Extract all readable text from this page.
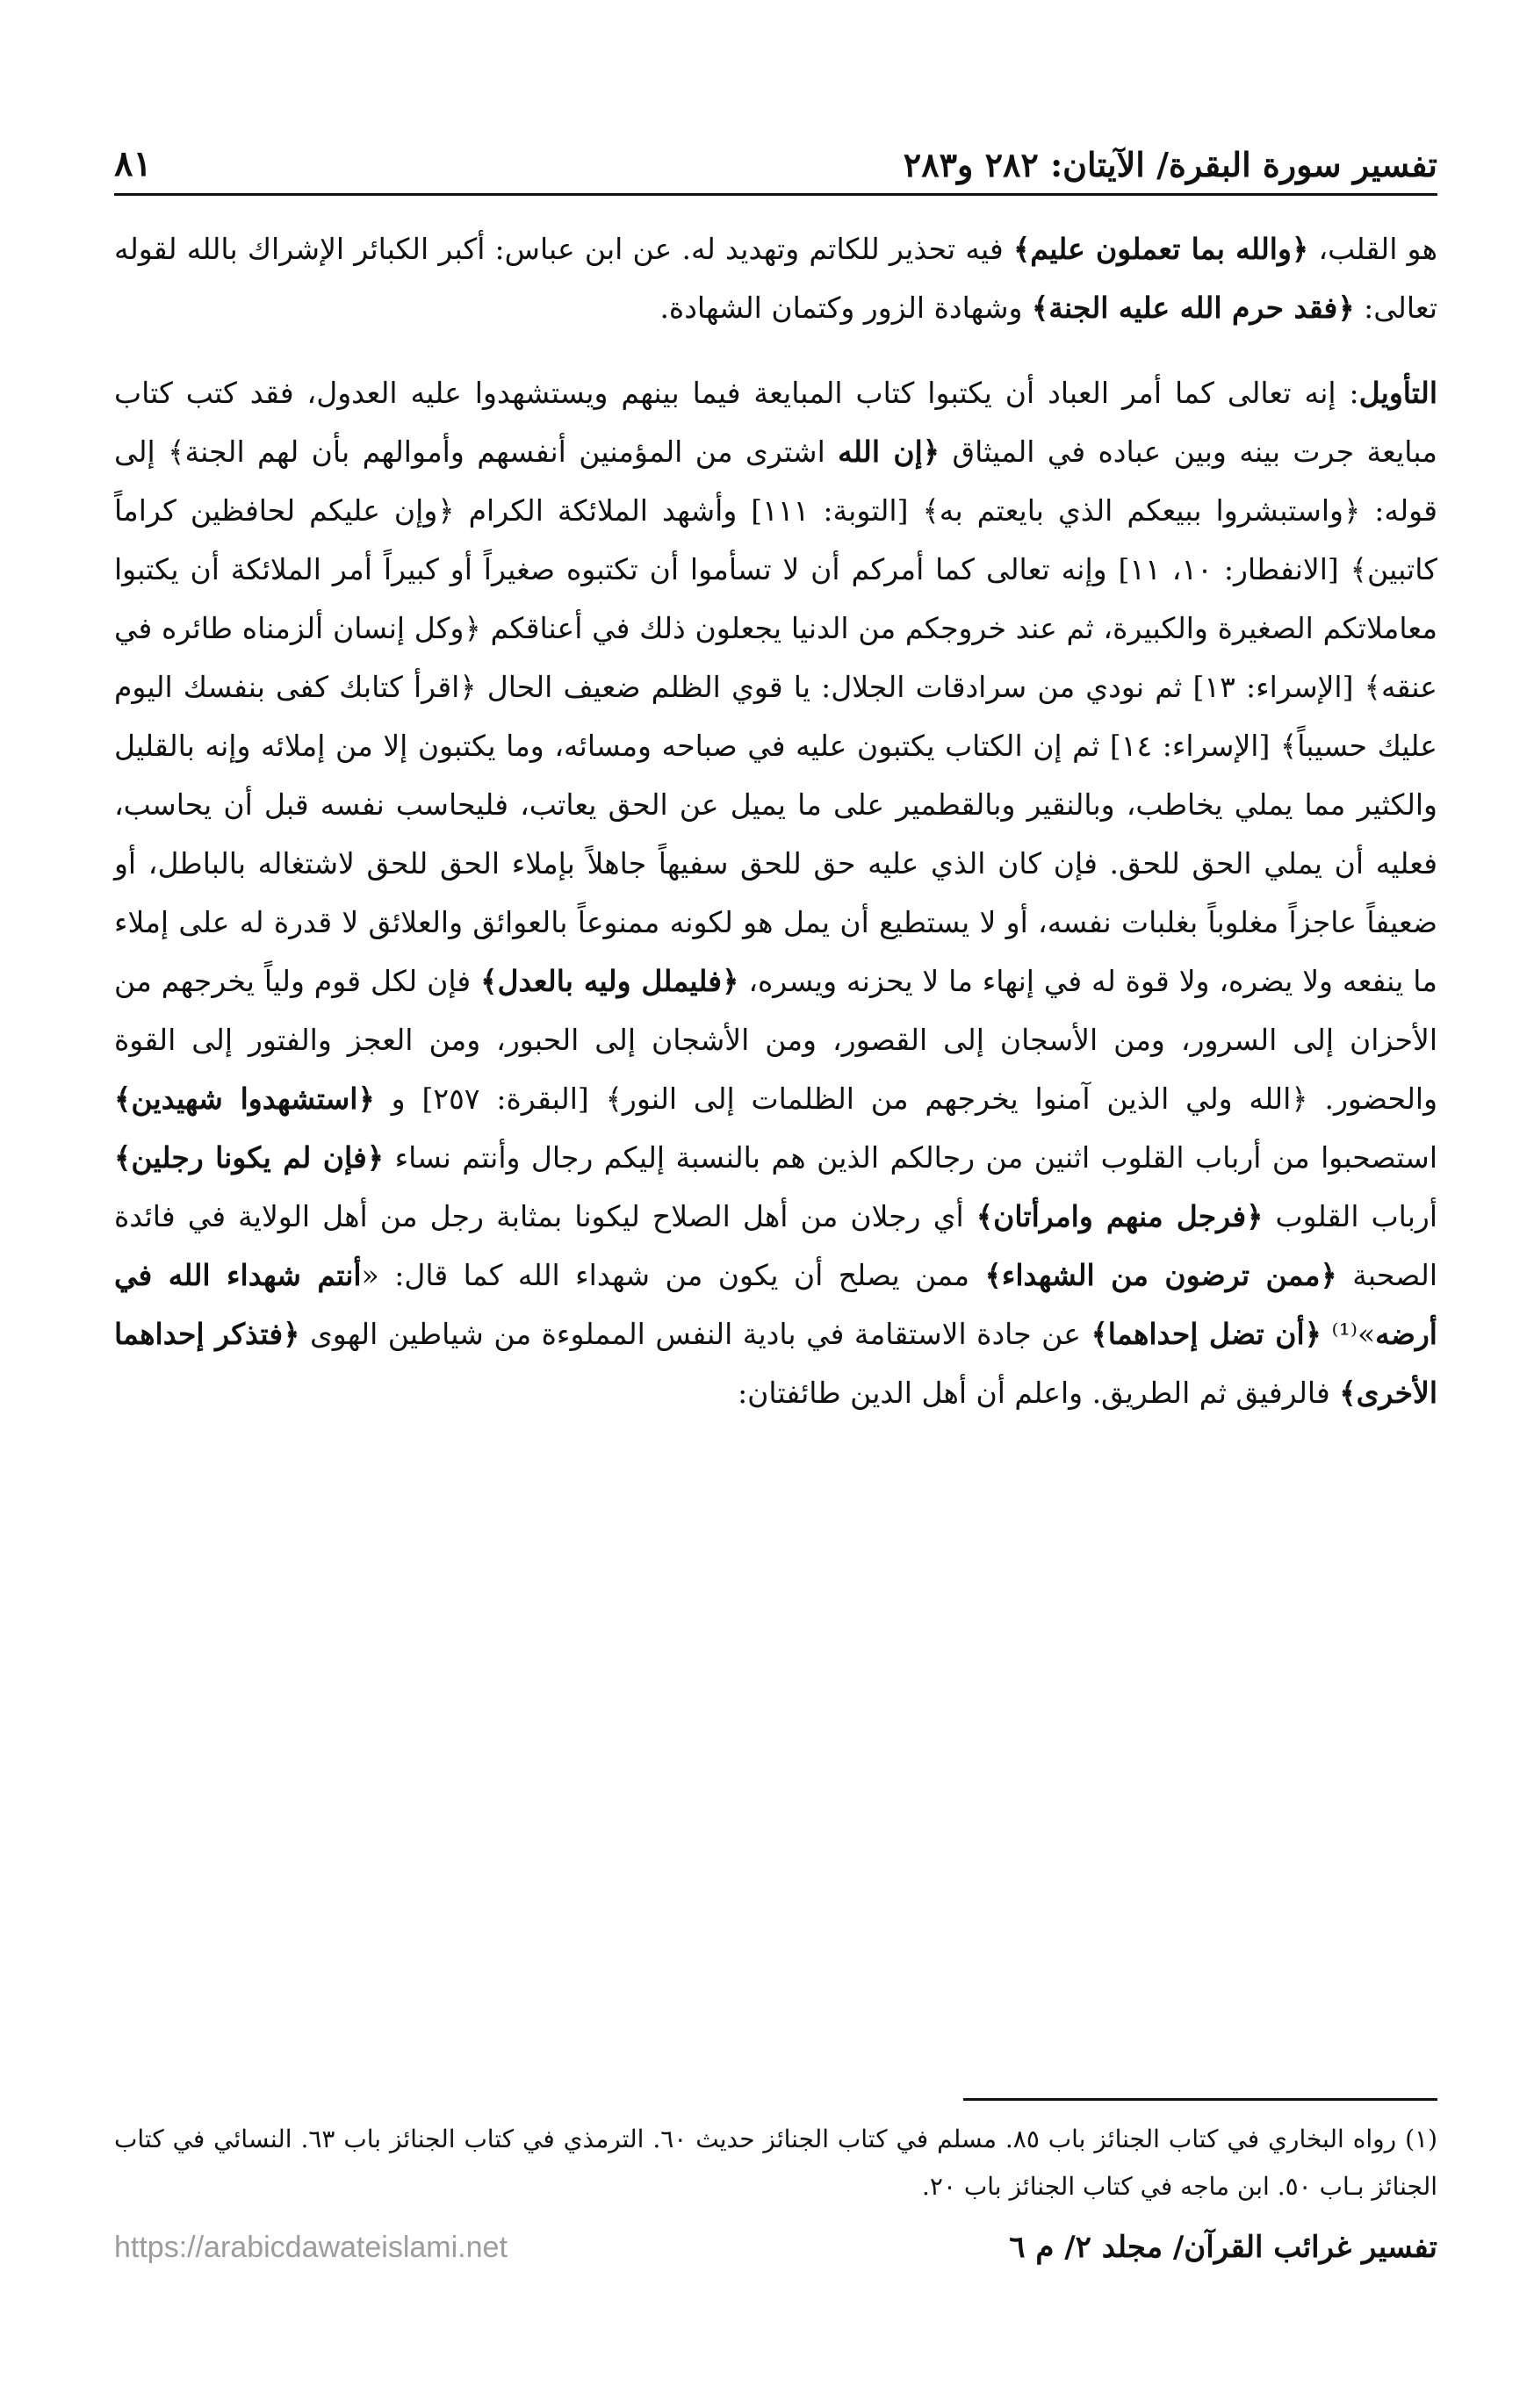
تفسير سورة البقرة/ الآيتان: ٢٨٢ و٢٨٣
٨١

هو القلب، ﴿والله بما تعملون عليم﴾ فيه تحذير للكاتم وتهديد له. عن ابن عباس: أكبر الكبائر الإشراك بالله لقوله تعالى: ﴿فقد حرم الله عليه الجنة﴾ وشهادة الزور وكتمان الشهادة.

التأويل: إنه تعالى كما أمر العباد أن يكتبوا كتاب المبايعة فيما بينهم ويستشهدوا عليه العدول، فقد كتب كتاب مبايعة جرت بينه وبين عباده في الميثاق ﴿إن الله اشترى من المؤمنين أنفسهم وأموالهم بأن لهم الجنة﴾ إلى قوله: ﴿واستبشروا ببيعكم الذي بايعتم به﴾ [التوبة: ١١١] وأشهد الملائكة الكرام ﴿وإن عليكم لحافظين كراماً كاتبين﴾ [الانفطار: ١٠، ١١] وإنه تعالى كما أمركم أن لا تسأموا أن تكتبوه صغيراً أو كبيراً أمر الملائكة أن يكتبوا معاملاتكم الصغيرة والكبيرة، ثم عند خروجكم من الدنيا يجعلون ذلك في أعناقكم ﴿وكل إنسان ألزمناه طائره في عنقه﴾ [الإسراء: ١٣] ثم نودي من سرادقات الجلال: يا قوي الظلم ضعيف الحال ﴿اقرأ كتابك كفى بنفسك اليوم عليك حسيباً﴾ [الإسراء: ١٤] ثم إن الكتاب يكتبون عليه في صباحه ومسائه، وما يكتبون إلا من إملائه وإنه بالقليل والكثير مما يملي يخاطب، وبالنقير وبالقطمير على ما يميل عن الحق يعاتب، فليحاسب نفسه قبل أن يحاسب، فعليه أن يملي الحق للحق. فإن كان الذي عليه حق للحق سفيهاً جاهلاً بإملاء الحق للحق لاشتغاله بالباطل، أو ضعيفاً عاجزاً مغلوباً بغلبات نفسه، أو لا يستطيع أن يمل هو لكونه ممنوعاً بالعوائق والعلائق لا قدرة له على إملاء ما ينفعه ولا يضره، ولا قوة له في إنهاء ما لا يحزنه ويسره، ﴿فليملل وليه بالعدل﴾ فإن لكل قوم ولياً يخرجهم من الأحزان إلى السرور، ومن الأسجان إلى القصور، ومن الأشجان إلى الحبور، ومن العجز والفتور إلى القوة والحضور. ﴿الله ولي الذين آمنوا يخرجهم من الظلمات إلى النور﴾ [البقرة: ٢٥٧] و ﴿استشهدوا شهيدين﴾ استصحبوا من أرباب القلوب اثنين من رجالكم الذين هم بالنسبة إليكم رجال وأنتم نساء ﴿فإن لم يكونا رجلين﴾ أرباب القلوب ﴿فرجل منهم وامرأتان﴾ أي رجلان من أهل الصلاح ليكونا بمثابة رجل من أهل الولاية في فائدة الصحبة ﴿ممن ترضون من الشهداء﴾ ممن يصلح أن يكون من شهداء الله كما قال: «أنتم شهداء الله في أرضه»⁽¹⁾ ﴿أن تضل إحداهما﴾ عن جادة الاستقامة في بادية النفس المملوءة من شياطين الهوى ﴿فتذكر إحداهما الأخرى﴾ فالرفيق ثم الطريق. واعلم أن أهل الدين طائفتان:

(١) رواه البخاري في كتاب الجنائز باب ٨٥. مسلم في كتاب الجنائز حديث ٦٠. الترمذي في كتاب الجنائز باب ٦٣. النسائي في كتاب الجنائز بـاب ٥٠. ابن ماجه في كتاب الجنائز باب ٢٠.
تفسير غرائب القرآن/ مجلد ٢/ م ٦
https://arabicdawateislami.net
